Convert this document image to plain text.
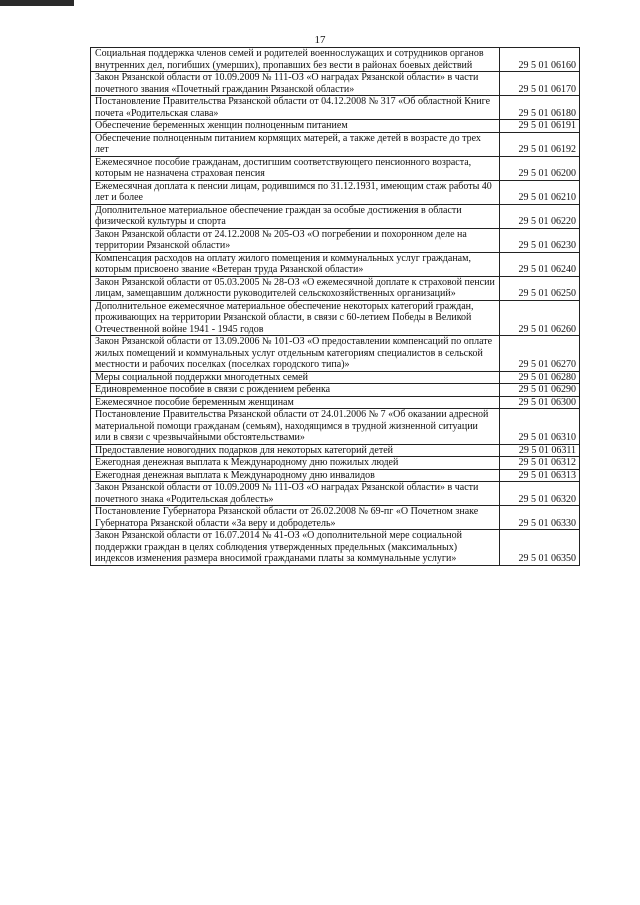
17
Социальная поддержка членов семей и родителей военнослужащих и сотрудников органов внутренних дел, погибших (умерших), пропавших без вести в районах боевых действий	29 5 01 06160
Закон Рязанской области от 10.09.2009 № 111-ОЗ «О наградах Рязанской области» в части почетного звания «Почетный гражданин Рязанской области»	29 5 01 06170
Постановление Правительства Рязанской области от 04.12.2008 № 317 «Об областной Книге почета «Родительская слава»	29 5 01 06180
Обеспечение беременных женщин полноценным питанием	29 5 01 06191
Обеспечение полноценным питанием кормящих матерей, а также детей в возрасте до трех лет	29 5 01 06192
Ежемесячное пособие гражданам, достигшим соответствующего пенсионного возраста, которым не назначена страховая пенсия	29 5 01 06200
Ежемесячная доплата к пенсии лицам, родившимся по 31.12.1931, имеющим стаж работы 40 лет и более	29 5 01 06210
Дополнительное материальное обеспечение граждан за особые достижения в области физической культуры и спорта	29 5 01 06220
Закон Рязанской области от 24.12.2008 № 205-ОЗ «О погребении и похоронном деле на территории Рязанской области»	29 5 01 06230
Компенсация расходов на оплату жилого помещения и коммунальных услуг гражданам, которым присвоено звание «Ветеран труда Рязанской области»	29 5 01 06240
Закон Рязанской области от 05.03.2005 № 28-ОЗ «О ежемесячной доплате к страховой пенсии лицам, замещавшим должности руководителей сельскохозяйственных организаций»	29 5 01 06250
Дополнительное ежемесячное материальное обеспечение некоторых категорий граждан, проживающих на территории Рязанской области, в связи с 60-летием Победы в Великой Отечественной войне 1941 - 1945 годов	29 5 01 06260
Закон Рязанской области от 13.09.2006 № 101-ОЗ «О предоставлении компенсаций по оплате жилых помещений и коммунальных услуг отдельным категориям специалистов в сельской местности и рабочих поселках (поселках городского типа)»	29 5 01 06270
Меры социальной поддержки многодетных семей	29 5 01 06280
Единовременное пособие в связи с рождением ребенка	29 5 01 06290
Ежемесячное пособие беременным женщинам	29 5 01 06300
Постановление Правительства Рязанской области от 24.01.2006 № 7 «Об оказании адресной материальной помощи гражданам (семьям), находящимся в трудной жизненной ситуации или в связи с чрезвычайными обстоятельствами»	29 5 01 06310
Предоставление новогодних подарков для некоторых категорий детей	29 5 01 06311
Ежегодная денежная выплата к Международному дню пожилых людей	29 5 01 06312
Ежегодная денежная выплата к Международному дню инвалидов	29 5 01 06313
Закон Рязанской области от 10.09.2009 № 111-ОЗ «О наградах Рязанской области» в части почетного знака «Родительская доблесть»	29 5 01 06320
Постановление Губернатора Рязанской области от 26.02.2008 № 69-пг «О Почетном знаке Губернатора Рязанской области «За веру и добродетель»	29 5 01 06330
Закон Рязанской области от 16.07.2014 № 41-ОЗ «О дополнительной мере социальной поддержки граждан в целях соблюдения утвержденных предельных (максимальных) индексов изменения размера вносимой гражданами платы за коммунальные услуги»	29 5 01 06350
